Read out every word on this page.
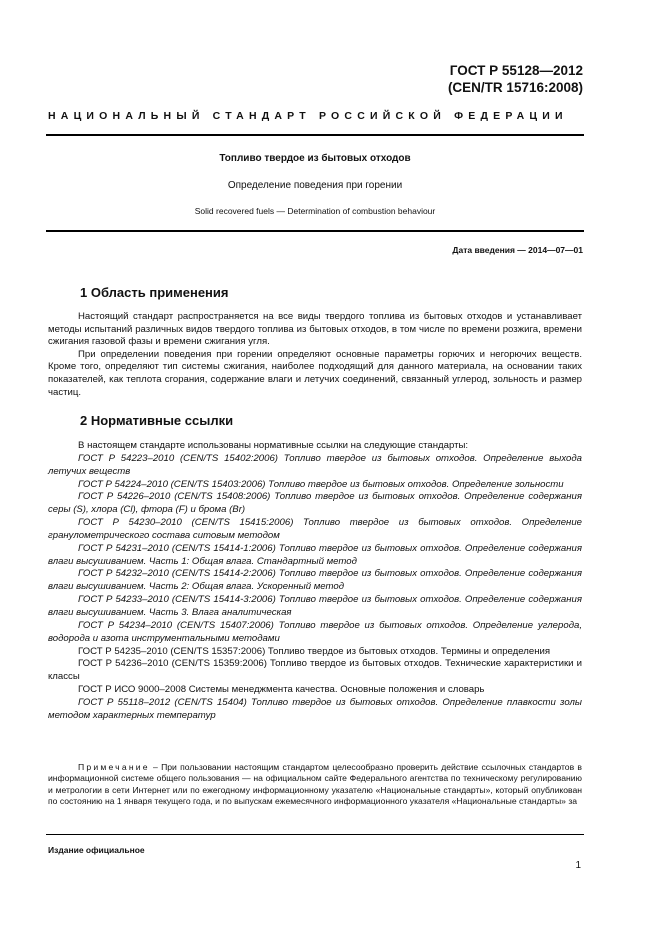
ГОСТ Р 55128—2012
(CEN/TR 15716:2008)
НАЦИОНАЛЬНЫЙ СТАНДАРТ РОССИЙСКОЙ ФЕДЕРАЦИИ
Топливо твердое из бытовых отходов
Определение поведения при горении
Solid recovered fuels — Determination of combustion behaviour
Дата введения — 2014—07—01
1 Область применения

Настоящий стандарт распространяется на все виды твердого топлива из бытовых отходов и устанавливает методы испытаний различных видов твердого топлива из бытовых отходов, в том числе по времени розжига, времени сжигания газовой фазы и времени сжигания угля.

При определении поведения при горении определяют основные параметры горючих и негорючих веществ. Кроме того, определяют тип системы сжигания, наиболее подходящий для данного материала, на основании таких показателей, как теплота сгорания, содержание влаги и летучих соединений, связанный углерод, зольность и размер частиц.

2 Нормативные ссылки

В настоящем стандарте использованы нормативные ссылки на следующие стандарты:

ГОСТ Р 54223–2010 (CEN/TS 15402:2006) Топливо твердое из бытовых отходов. Определение выхода летучих веществ

ГОСТ Р 54224–2010 (CEN/TS 15403:2006) Топливо твердое из бытовых отходов. Определение зольности

ГОСТ Р 54226–2010 (CEN/TS 15408:2006) Топливо твердое из бытовых отходов. Определение содержания серы (S), хлора (Cl), фтора (F) и брома (Br)

ГОСТ Р 54230–2010 (CEN/TS 15415:2006) Топливо твердое из бытовых отходов. Определение гранулометрического состава ситовым методом

ГОСТ Р 54231–2010 (CEN/TS 15414-1:2006) Топливо твердое из бытовых отходов. Определение содержания влаги высушиванием. Часть 1: Общая влага. Стандартный метод

ГОСТ Р 54232–2010 (CEN/TS 15414-2:2006) Топливо твердое из бытовых отходов. Определение содержания влаги высушиванием. Часть 2: Общая влага. Ускоренный метод

ГОСТ Р 54233–2010 (CEN/TS 15414-3:2006) Топливо твердое из бытовых отходов. Определение содержания влаги высушиванием. Часть 3. Влага аналитическая

ГОСТ Р 54234–2010 (CEN/TS 15407:2006) Топливо твердое из бытовых отходов. Определение углерода, водорода и азота инструментальными методами

ГОСТ Р 54235–2010 (CEN/TS 15357:2006) Топливо твердое из бытовых отходов. Термины и определения

ГОСТ Р 54236–2010 (CEN/TS 15359:2006) Топливо твердое из бытовых отходов. Технические характеристики и классы

ГОСТ Р ИСО 9000–2008 Системы менеджмента качества. Основные положения и словарь

ГОСТ Р 55118–2012 (CEN/TS 15404) Топливо твердое из бытовых отходов. Определение плавкости золы методом характерных температур

Примечание – При пользовании настоящим стандартом целесообразно проверить действие ссылочных стандартов в информационной системе общего пользования — на официальном сайте Федерального агентства по техническому регулированию и метрологии в сети Интернет или по ежегодному информационному указателю «Национальные стандарты», который опубликован по состоянию на 1 января текущего года, и по выпускам ежемесячного информационного указателя «Национальные стандарты» за

Издание официальное
1
